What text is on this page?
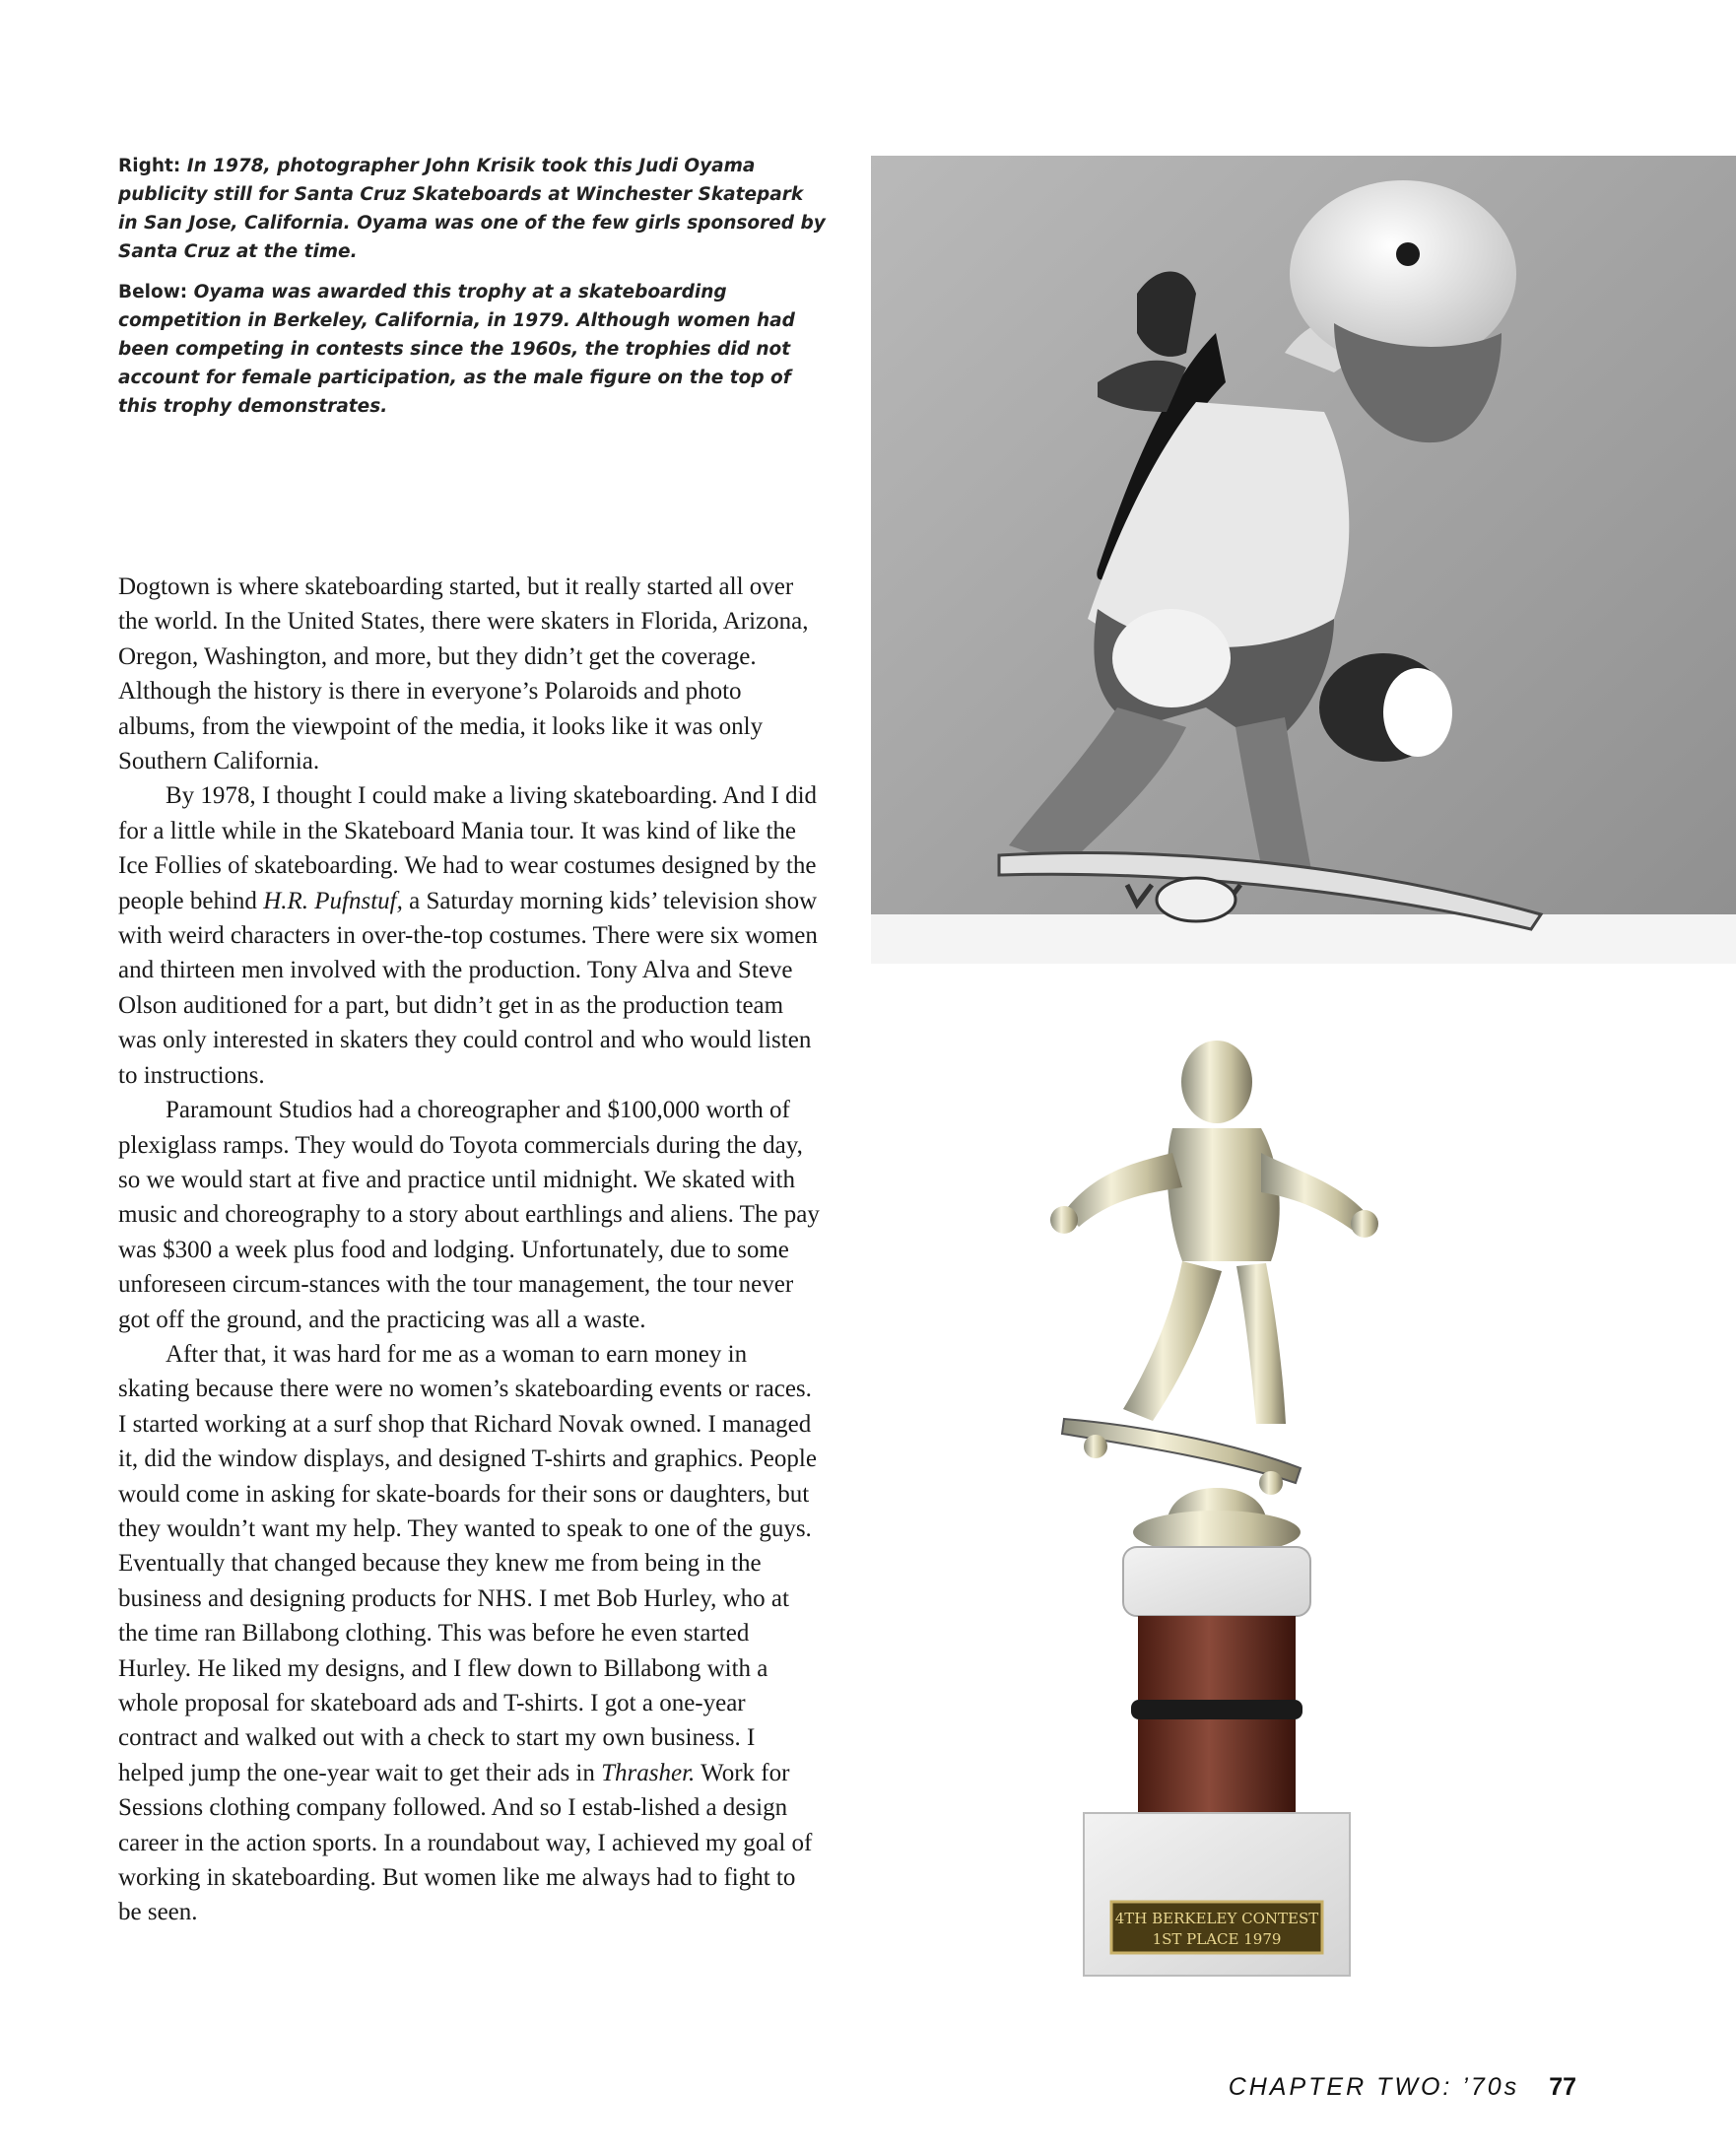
Right: In 1978, photographer John Krisik took this Judi Oyama publicity still for Santa Cruz Skateboards at Winchester Skatepark in San Jose, California. Oyama was one of the few girls sponsored by Santa Cruz at the time.

Below: Oyama was awarded this trophy at a skateboarding competition in Berkeley, California, in 1979. Although women had been competing in contests since the 1960s, the trophies did not account for female participation, as the male figure on the top of this trophy demonstrates.

Dogtown is where skateboarding started, but it really started all over the world. In the United States, there were skaters in Florida, Arizona, Oregon, Washington, and more, but they didn’t get the coverage. Although the history is there in everyone’s Polaroids and photo albums, from the viewpoint of the media, it looks like it was only Southern California.

By 1978, I thought I could make a living skateboarding. And I did for a little while in the Skateboard Mania tour. It was kind of like the Ice Follies of skateboarding. We had to wear costumes designed by the people behind H.R. Pufnstuf, a Saturday morning kids’ television show with weird characters in over-the-top costumes. There were six women and thirteen men involved with the production. Tony Alva and Steve Olson auditioned for a part, but didn’t get in as the production team was only interested in skaters they could control and who would listen to instructions.

Paramount Studios had a choreographer and $100,000 worth of plexiglass ramps. They would do Toyota commercials during the day, so we would start at five and practice until midnight. We skated with music and choreography to a story about earthlings and aliens. The pay was $300 a week plus food and lodging. Unfortunately, due to some unforeseen circum-stances with the tour management, the tour never got off the ground, and the practicing was all a waste.

After that, it was hard for me as a woman to earn money in skating because there were no women’s skateboarding events or races. I started working at a surf shop that Richard Novak owned. I managed it, did the window displays, and designed T-shirts and graphics. People would come in asking for skate-boards for their sons or daughters, but they wouldn’t want my help. They wanted to speak to one of the guys. Eventually that changed because they knew me from being in the business and designing products for NHS. I met Bob Hurley, who at the time ran Billabong clothing. This was before he even started Hurley. He liked my designs, and I flew down to Billabong with a whole proposal for skateboard ads and T-shirts. I got a one-year contract and walked out with a check to start my own business. I helped jump the one-year wait to get their ads in Thrasher. Work for Sessions clothing company followed. And so I estab-lished a design career in the action sports. In a roundabout way, I achieved my goal of working in skateboarding. But women like me always had to fight to be seen.	4TH BERKELEY CONTEST
1ST PLACE 1979
CHAPTER TWO: ’70s 77
